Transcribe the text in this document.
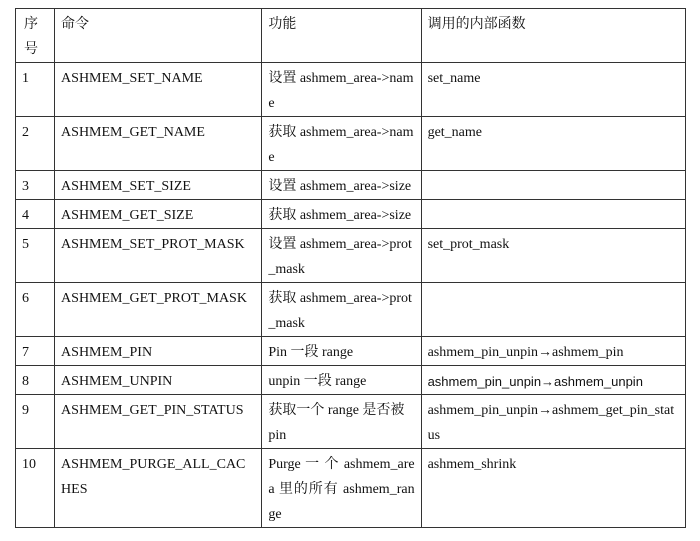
序号	命令	功能	调用的内部函数
1	ASHMEM_SET_NAME	设置 ashmem_area->name	set_name
2	ASHMEM_GET_NAME	获取 ashmem_area->name	get_name
3	ASHMEM_SET_SIZE	设置 ashmem_area->size	
4	ASHMEM_GET_SIZE	获取 ashmem_area->size	
5	ASHMEM_SET_PROT_MASK	设置 ashmem_area->prot_mask	set_prot_mask
6	ASHMEM_GET_PROT_MASK	获取 ashmem_area->prot_mask	
7	ASHMEM_PIN	Pin 一段 range	ashmem_pin_unpin→ashmem_pin
8	ASHMEM_UNPIN	unpin 一段 range	ashmem_pin_unpin→ashmem_unpin
9	ASHMEM_GET_PIN_STATUS	获取一个 range 是否被 pin	ashmem_pin_unpin→ashmem_get_pin_status
10	ASHMEM_PURGE_ALL_CACHES	Purge 一 个 ashmem_area 里的所有 ashmem_range	ashmem_shrink
